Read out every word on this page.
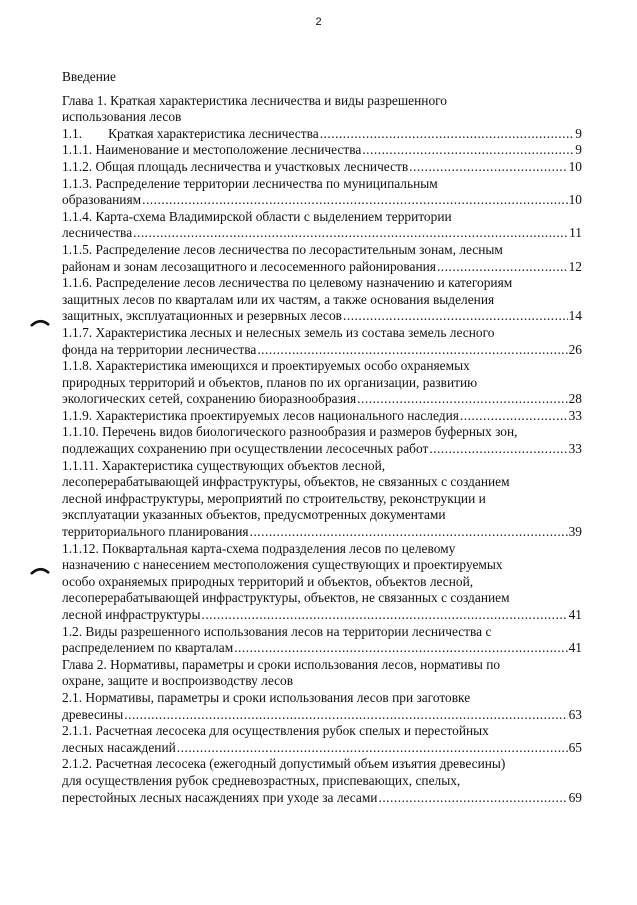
2
Введение
Глава 1. Краткая характеристика лесничества и виды разрешенного
использования лесов
1.1. Краткая характеристика лесничества .....	9
1.1.1. Наименование и местоположение лесничества .....	9
1.1.2. Общая площадь лесничества и участковых лесничеств .....	10
1.1.3. Распределение территории лесничества по муниципальным
образованиям .....	10
1.1.4. Карта-схема Владимирской области с выделением территории
лесничества .....	11
1.1.5. Распределение лесов лесничества по лесорастительным зонам, лесным
районам и зонам лесозащитного и лесосеменного районирования .....	12
1.1.6. Распределение лесов лесничества по целевому назначению и категориям
защитных лесов по кварталам или их частям, а также основания выделения
защитных, эксплуатационных и резервных лесов .....	14
1.1.7. Характеристика лесных и нелесных земель из состава земель лесного
фонда на территории лесничества .....	26
1.1.8. Характеристика имеющихся и проектируемых особо охраняемых
природных территорий и объектов, планов по их организации, развитию
экологических сетей, сохранению биоразнообразия .....	28
1.1.9. Характеристика проектируемых лесов национального наследия .....	33
1.1.10. Перечень видов биологического разнообразия и размеров буферных зон,
подлежащих сохранению при осуществлении лесосечных работ .....	33
1.1.11. Характеристика существующих объектов лесной,
лесоперерабатывающей инфраструктуры, объектов, не связанных с созданием
лесной инфраструктуры, мероприятий по строительству, реконструкции и
эксплуатации указанных объектов, предусмотренных документами
территориального планирования .....	39
1.1.12. Поквартальная карта-схема подразделения лесов по целевому
назначению с нанесением местоположения существующих и проектируемых
особо охраняемых природных территорий и объектов, объектов лесной,
лесоперерабатывающей инфраструктуры, объектов, не связанных с созданием
лесной инфраструктуры .....	41
1.2. Виды разрешенного использования лесов на территории лесничества с
распределением по кварталам .....	41
Глава 2. Нормативы, параметры и сроки использования лесов, нормативы по
охране, защите и воспроизводству лесов
2.1. Нормативы, параметры и сроки использования лесов при заготовке
древесины .....	63
2.1.1. Расчетная лесосека для осуществления рубок спелых и перестойных
лесных насаждений .....	65
2.1.2. Расчетная лесосека (ежегодный допустимый объем изъятия древесины)
для осуществления рубок средневозрастных, приспевающих, спелых,
перестойных лесных насаждениях при уходе за лесами .....	69
